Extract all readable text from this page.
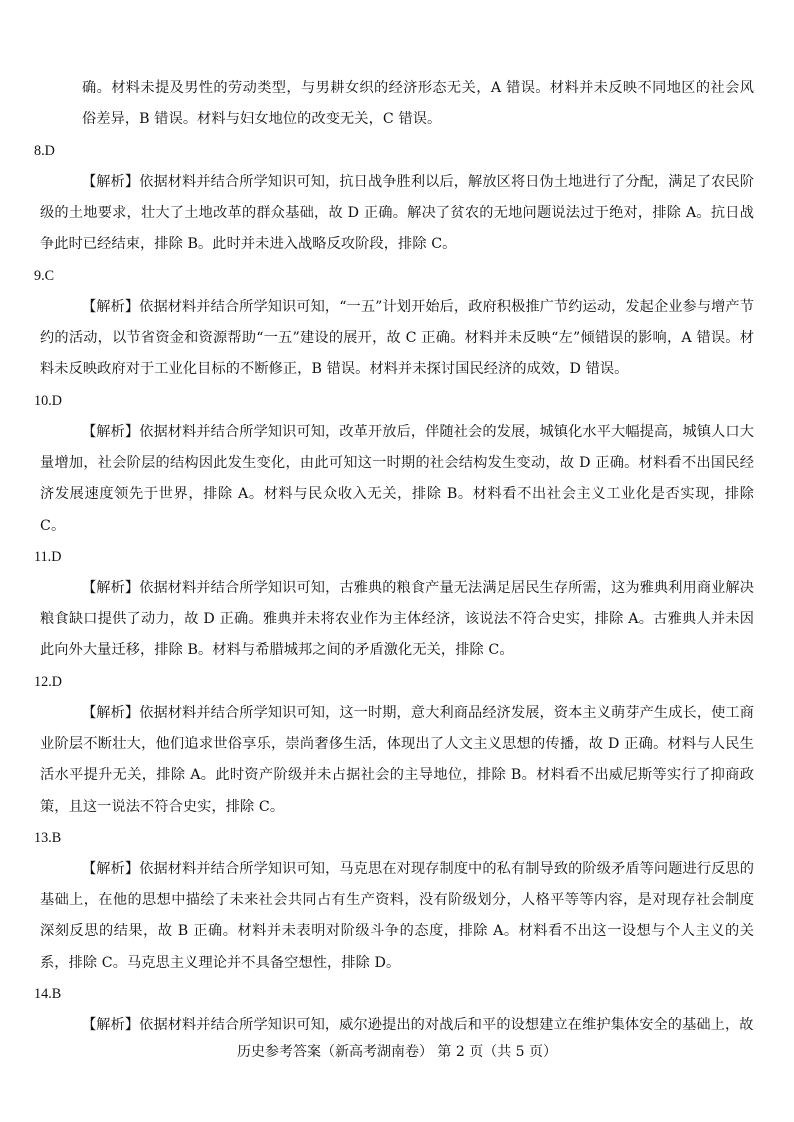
确。材料未提及男性的劳动类型，与男耕女织的经济形态无关，A 错误。材料并未反映不同地区的社会风俗差异，B 错误。材料与妇女地位的改变无关，C 错误。

8.D

【解析】依据材料并结合所学知识可知，抗日战争胜利以后，解放区将日伪土地进行了分配，满足了农民阶级的土地要求，壮大了土地改革的群众基础，故 D 正确。解决了贫农的无地问题说法过于绝对，排除 A。抗日战争此时已经结束，排除 B。此时并未进入战略反攻阶段，排除 C。

9.C

【解析】依据材料并结合所学知识可知，“一五”计划开始后，政府积极推广节约运动，发起企业参与增产节约的活动，以节省资金和资源帮助“一五”建设的展开，故 C 正确。材料并未反映“左”倾错误的影响，A 错误。材料未反映政府对于工业化目标的不断修正，B 错误。材料并未探讨国民经济的成效，D 错误。

10.D

【解析】依据材料并结合所学知识可知，改革开放后，伴随社会的发展，城镇化水平大幅提高，城镇人口大量增加，社会阶层的结构因此发生变化，由此可知这一时期的社会结构发生变动，故 D 正确。材料看不出国民经济发展速度领先于世界，排除 A。材料与民众收入无关，排除 B。材料看不出社会主义工业化是否实现，排除 C。

11.D

【解析】依据材料并结合所学知识可知，古雅典的粮食产量无法满足居民生存所需，这为雅典利用商业解决粮食缺口提供了动力，故 D 正确。雅典并未将农业作为主体经济，该说法不符合史实，排除 A。古雅典人并未因此向外大量迁移，排除 B。材料与希腊城邦之间的矛盾激化无关，排除 C。

12.D

【解析】依据材料并结合所学知识可知，这一时期，意大利商品经济发展，资本主义萌芽产生成长，使工商业阶层不断壮大，他们追求世俗享乐，崇尚奢侈生活，体现出了人文主义思想的传播，故 D 正确。材料与人民生活水平提升无关，排除 A。此时资产阶级并未占据社会的主导地位，排除 B。材料看不出威尼斯等实行了抑商政策，且这一说法不符合史实，排除 C。

13.B

【解析】依据材料并结合所学知识可知，马克思在对现存制度中的私有制导致的阶级矛盾等问题进行反思的基础上，在他的思想中描绘了未来社会共同占有生产资料，没有阶级划分，人格平等等内容，是对现存社会制度深刻反思的结果，故 B 正确。材料并未表明对阶级斗争的态度，排除 A。材料看不出这一设想与个人主义的关系，排除 C。马克思主义理论并不具备空想性，排除 D。

14.B

【解析】依据材料并结合所学知识可知，威尔逊提出的对战后和平的设想建立在维护集体安全的基础上，故

历史参考答案（新高考湖南卷） 第 2 页（共 5 页）
